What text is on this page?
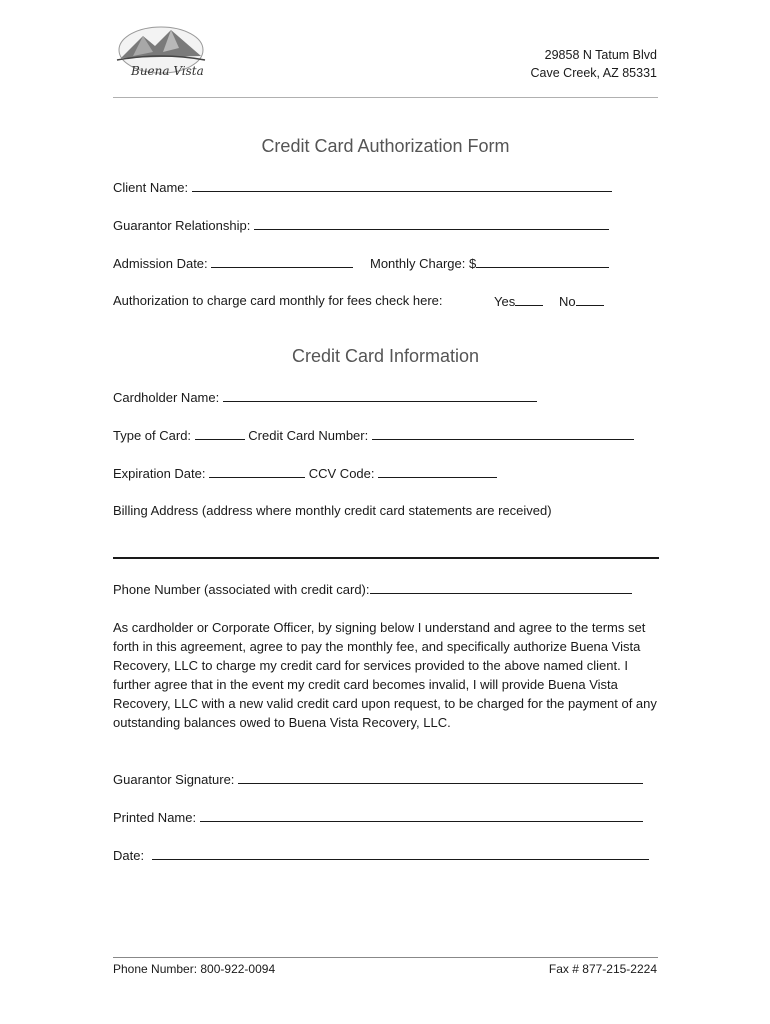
Buena Vista
29858 N Tatum Blvd
Cave Creek, AZ 85331
Credit Card Authorization Form
Client Name:
Guarantor Relationship:
Admission Date:	Monthly Charge: $
Authorization to charge card monthly for fees check here:	Yes	No
Credit Card Information
Cardholder Name:
Type of Card:	Credit Card Number:
Expiration Date:	CCV Code:
Billing Address (address where monthly credit card statements are received)
Phone Number (associated with credit card):
As cardholder or Corporate Officer, by signing below I understand and agree to the terms set forth in this agreement, agree to pay the monthly fee, and specifically authorize Buena Vista Recovery, LLC to charge my credit card for services provided to the above named client. I further agree that in the event my credit card becomes invalid, I will provide Buena Vista Recovery, LLC with a new valid credit card upon request, to be charged for the payment of any outstanding balances owed to Buena Vista Recovery, LLC.
Guarantor Signature:
Printed Name:
Date:
Phone Number: 800-922-0094	Fax # 877-215-2224
